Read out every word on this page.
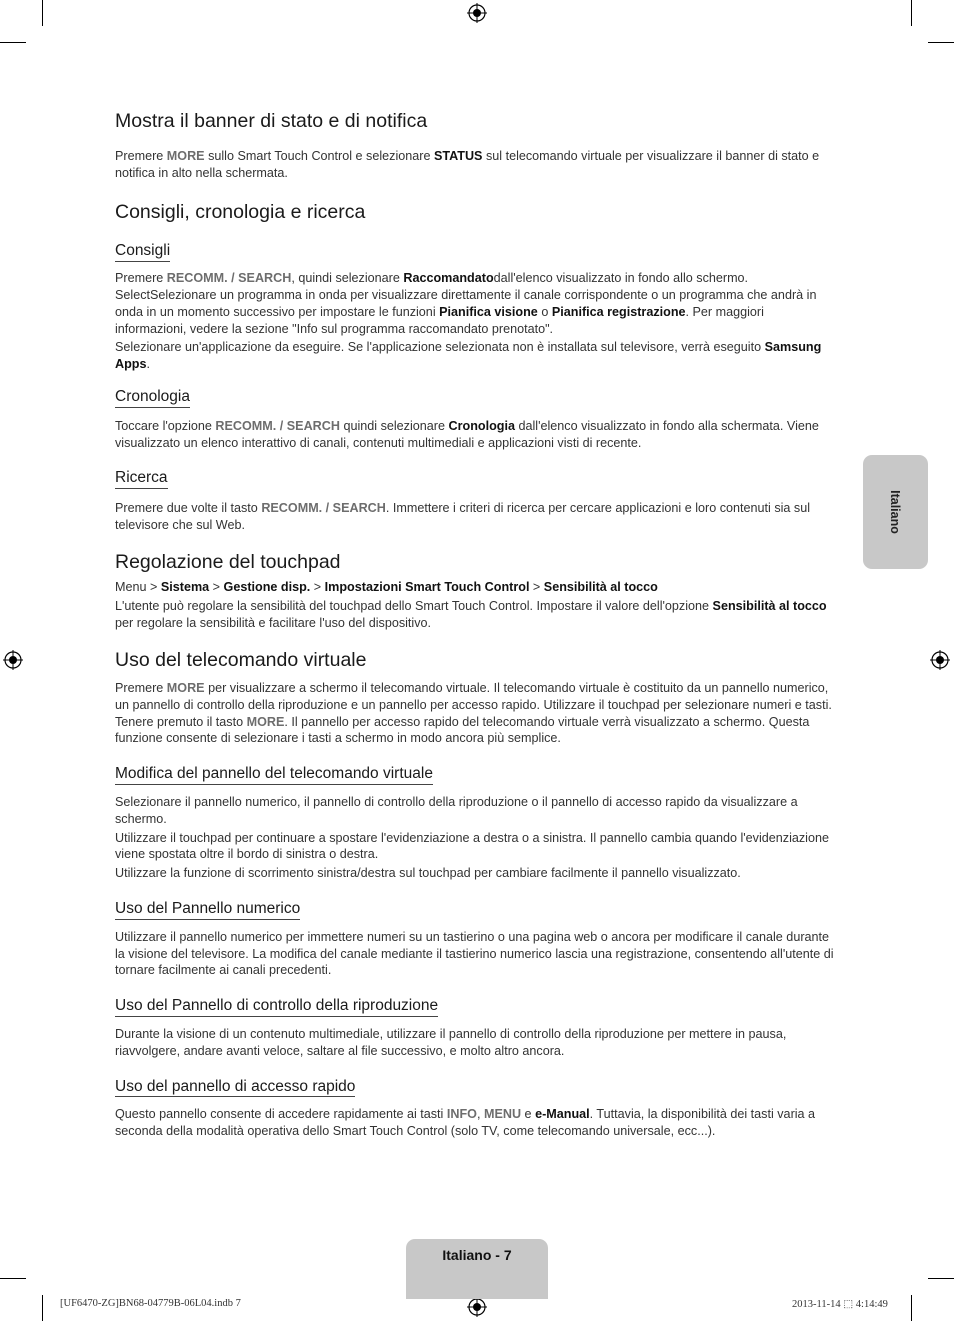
Mostra il banner di stato e di notifica

Premere MORE sullo Smart Touch Control e selezionare STATUS sul telecomando virtuale per visualizzare il banner di stato e notifica in alto nella schermata.

Consigli, cronologia e ricerca
Consigli

Premere RECOMM. / SEARCH, quindi selezionare Raccomandatodall'elenco visualizzato in fondo allo schermo. SelectSelezionare un programma in onda per visualizzare direttamente il canale corrispondente o un programma che andrà in onda in un momento successivo per impostare le funzioni Pianifica visione o Pianifica registrazione. Per maggiori informazioni, vedere la sezione "Info sul programma raccomandato prenotato".

Selezionare un'applicazione da eseguire. Se l'applicazione selezionata non è installata sul televisore, verrà eseguito Samsung Apps.

Cronologia

Toccare l'opzione RECOMM. / SEARCH quindi selezionare Cronologia dall'elenco visualizzato in fondo alla schermata. Viene visualizzato un elenco interattivo di canali, contenuti multimediali e applicazioni visti di recente.

Ricerca

Premere due volte il tasto RECOMM. / SEARCH. Immettere i criteri di ricerca per cercare applicazioni e loro contenuti sia sul televisore che sul Web.

Regolazione del touchpad

Menu > Sistema > Gestione disp. > Impostazioni Smart Touch Control > Sensibilità al tocco

L'utente può regolare la sensibilità del touchpad dello Smart Touch Control. Impostare il valore dell'opzione Sensibilità al tocco per regolare la sensibilità e facilitare l'uso del dispositivo.

Uso del telecomando virtuale

Premere MORE per visualizzare a schermo il telecomando virtuale. Il telecomando virtuale è costituito da un pannello numerico, un pannello di controllo della riproduzione e un pannello per accesso rapido. Utilizzare il touchpad per selezionare numeri e tasti. Tenere premuto il tasto MORE. Il pannello per accesso rapido del telecomando virtuale verrà visualizzato a schermo. Questa funzione consente di selezionare i tasti a schermo in modo ancora più semplice.

Modifica del pannello del telecomando virtuale

Selezionare il pannello numerico, il pannello di controllo della riproduzione o il pannello di accesso rapido da visualizzare a schermo.

Utilizzare il touchpad per continuare a spostare l'evidenziazione a destra o a sinistra. Il pannello cambia quando l'evidenziazione viene spostata oltre il bordo di sinistra o destra.

Utilizzare la funzione di scorrimento sinistra/destra sul touchpad per cambiare facilmente il pannello visualizzato.

Uso del Pannello numerico

Utilizzare il pannello numerico per immettere numeri su un tastierino o una pagina web o ancora per modificare il canale durante la visione del televisore. La modifica del canale mediante il tastierino numerico lascia una registrazione, consentendo all'utente di tornare facilmente ai canali precedenti.

Uso del Pannello di controllo della riproduzione

Durante la visione di un contenuto multimediale, utilizzare il pannello di controllo della riproduzione per mettere in pausa, riavvolgere, andare avanti veloce, saltare al file successivo, e molto altro ancora.

Uso del pannello di accesso rapido

Questo pannello consente di accedere rapidamente ai tasti INFO, MENU e e-Manual. Tuttavia, la disponibilità dei tasti varia a seconda della modalità operativa dello Smart Touch Control (solo TV, come telecomando universale, ecc...).

Italiano
Italiano - 7
[UF6470-ZG]BN68-04779B-06L04.indb 7	2013-11-14 ⬚ 4:14:49
